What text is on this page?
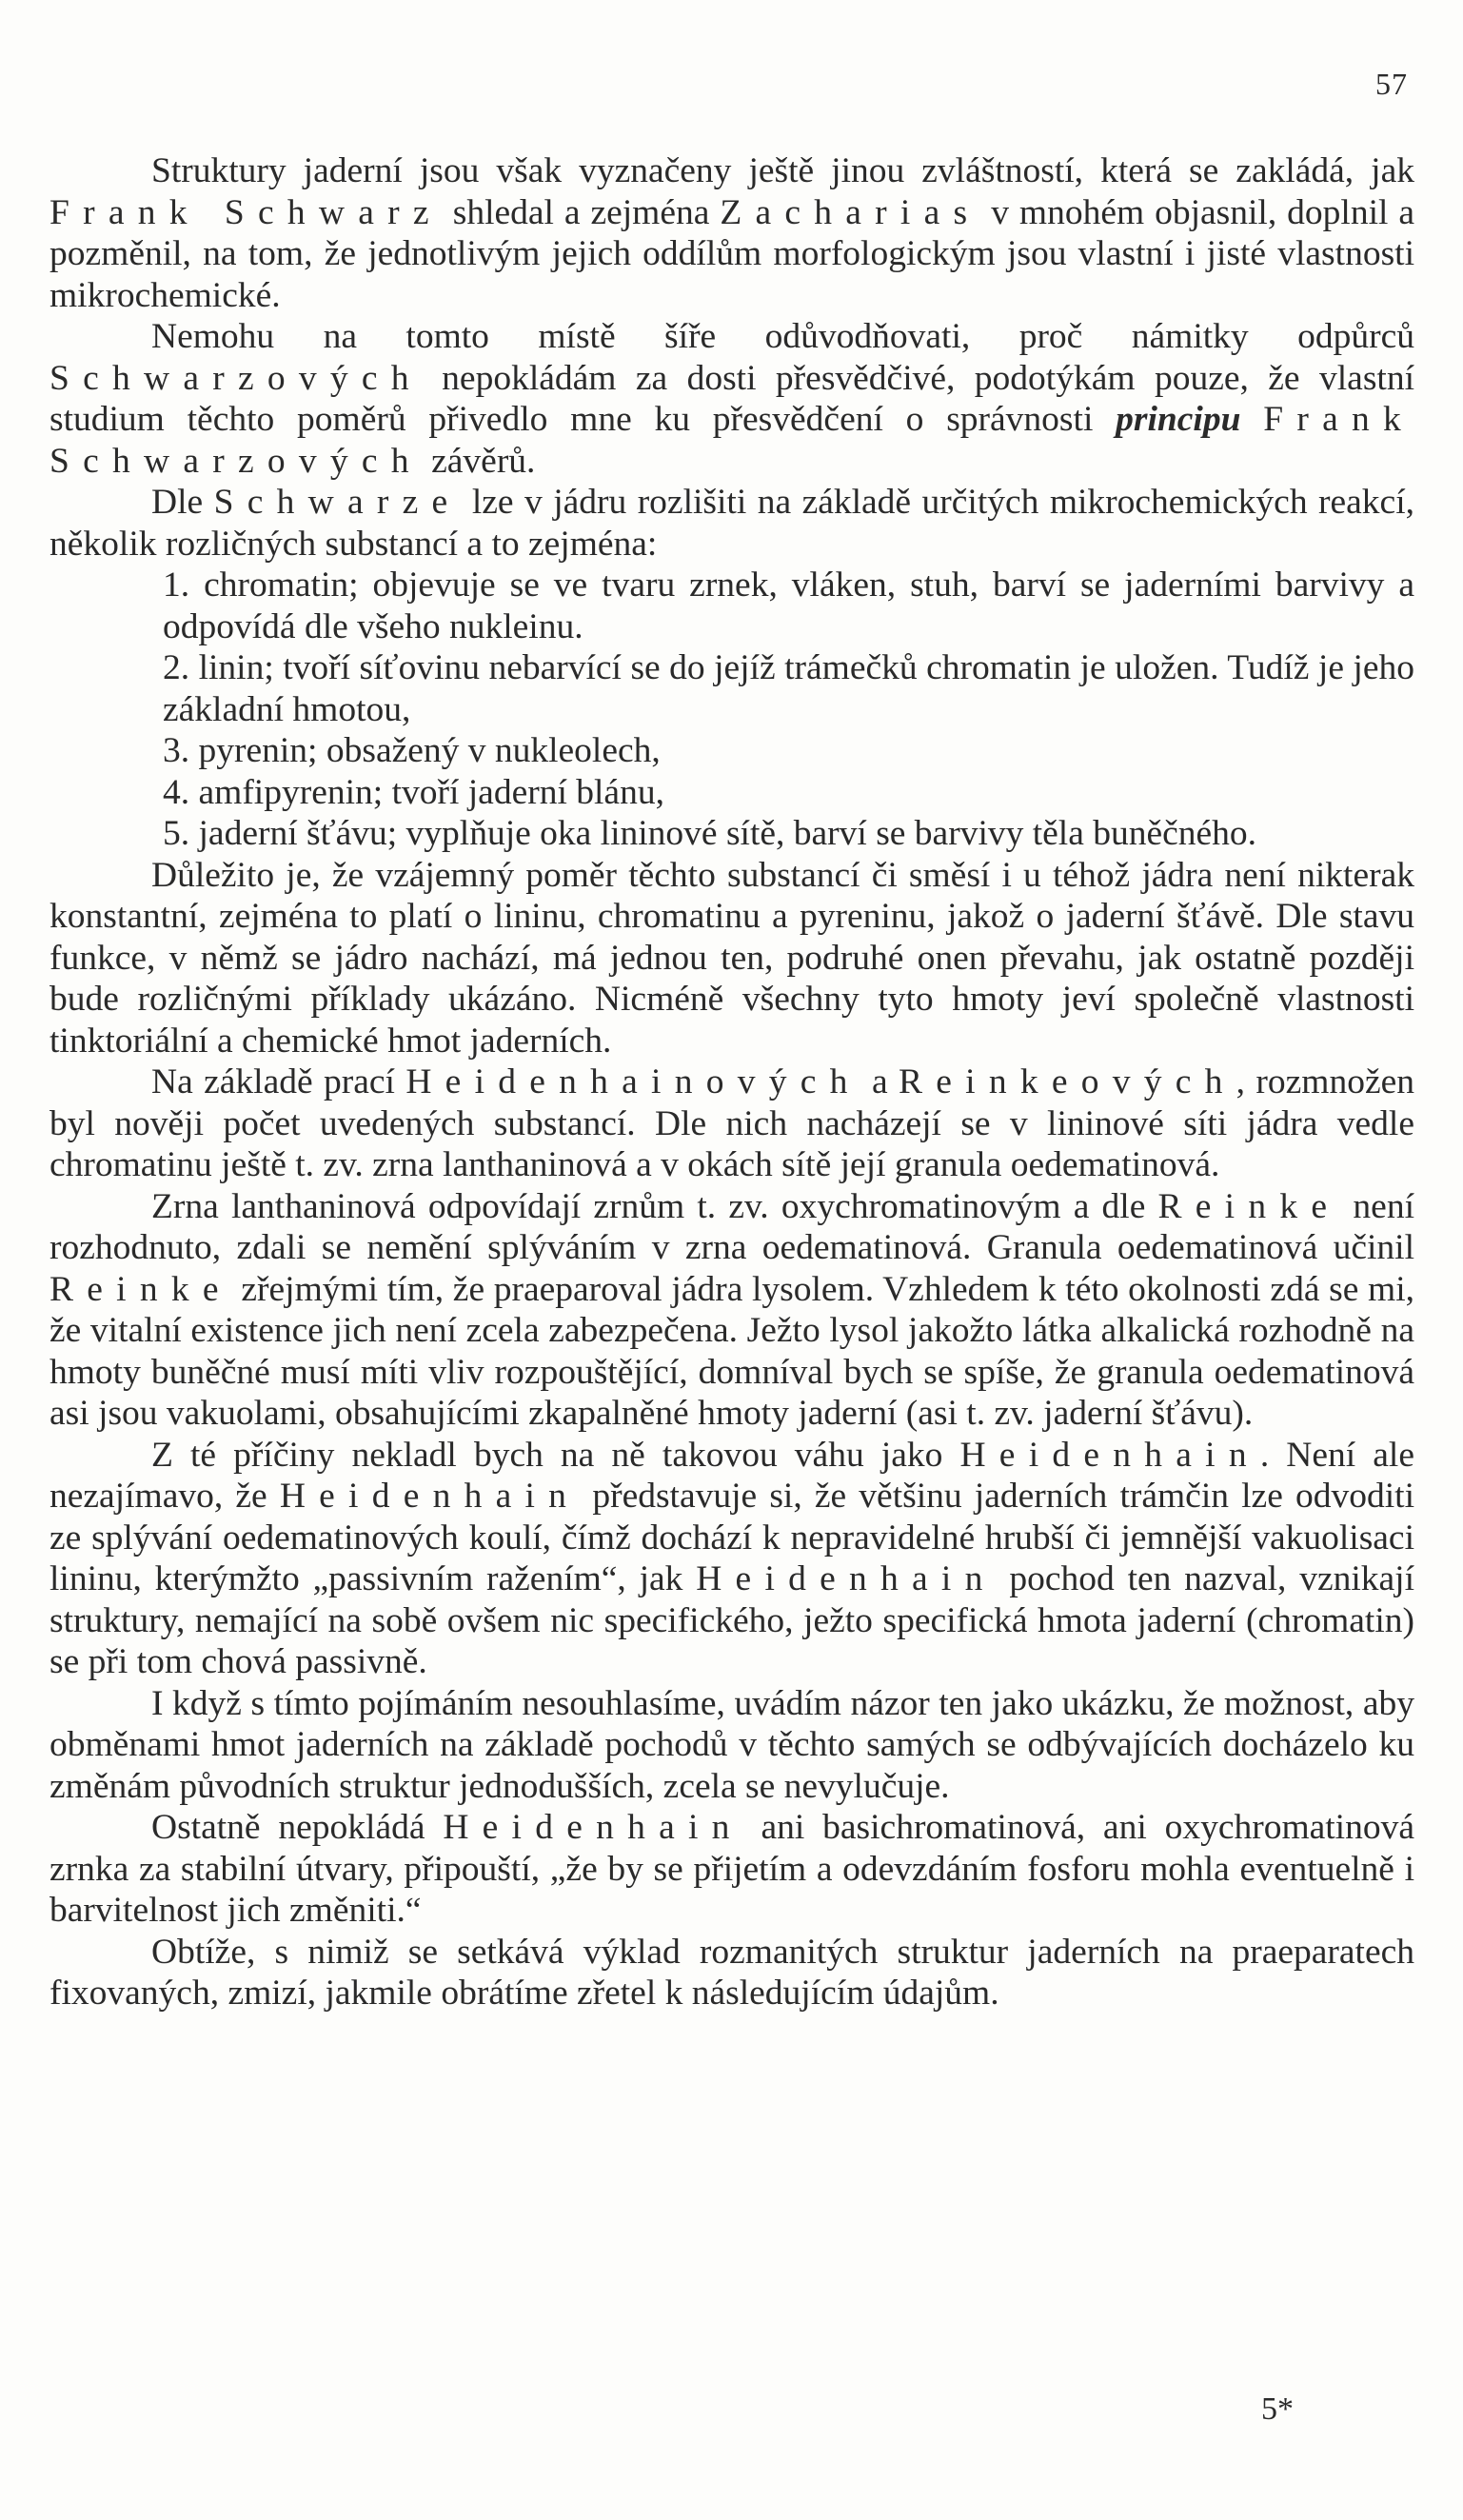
57

Struktury jaderní jsou však vyznačeny ještě jinou zvláštností, která se zakládá, jak Frank Schwarz shledal a zejména Zacharias v mnohém objasnil, doplnil a pozměnil, na tom, že jednotlivým jejich oddílům morfologickým jsou vlastní i jisté vlastnosti mikrochemické.

Nemohu na tomto místě šíře odůvodňovati, proč námitky odpůrců Schwarzových nepokládám za dosti přesvědčivé, podotýkám pouze, že vlastní studium těchto poměrů přivedlo mne ku přesvědčení o správnosti principu Frank Schwarzových závěrů.

Dle Schwarze lze v jádru rozlišiti na základě určitých mikrochemických reakcí, několik rozličných substancí a to zejména:

1. chromatin; objevuje se ve tvaru zrnek, vláken, stuh, barví se jaderními barvivy a odpovídá dle všeho nukleinu.

2. linin; tvoří síťovinu nebarvící se do jejíž trámečků chromatin je uložen. Tudíž je jeho základní hmotou,

3. pyrenin; obsažený v nukleolech,

4. amfipyrenin; tvoří jaderní blánu,

5. jaderní šťávu; vyplňuje oka lininové sítě, barví se barvivy těla buněčného.

Důležito je, že vzájemný poměr těchto substancí či směsí i u téhož jádra není nikterak konstantní, zejména to platí o lininu, chromatinu a pyreninu, jakož o jaderní šťávě. Dle stavu funkce, v němž se jádro nachází, má jednou ten, podruhé onen převahu, jak ostatně později bude rozličnými příklady ukázáno. Nicméně všechny tyto hmoty jeví společně vlastnosti tinktoriální a chemické hmot jaderních.

Na základě prací Heidenhainových a Reinkeových, rozmnožen byl nověji počet uvedených substancí. Dle nich nacházejí se v lininové síti jádra vedle chromatinu ještě t. zv. zrna lanthaninová a v okách sítě její granula oedematinová.

Zrna lanthaninová odpovídají zrnům t. zv. oxychromatinovým a dle Reinke není rozhodnuto, zdali se nemění splýváním v zrna oedematinová. Granula oedematinová učinil Reinke zřejmými tím, že praeparoval jádra lysolem. Vzhledem k této okolnosti zdá se mi, že vitalní existence jich není zcela zabezpečena. Ježto lysol jakožto látka alkalická rozhodně na hmoty buněčné musí míti vliv rozpouštějící, domníval bych se spíše, že granula oedematinová asi jsou vakuolami, obsahujícími zkapalněné hmoty jaderní (asi t. zv. jaderní šťávu).

Z té příčiny nekladl bych na ně takovou váhu jako Heidenhain. Není ale nezajímavo, že Heidenhain představuje si, že většinu jaderních trámčin lze odvoditi ze splývání oedematinových koulí, čímž dochází k nepravidelné hrubší či jemnější vakuolisaci lininu, kterýmžto „passivním ražením“, jak Heidenhain pochod ten nazval, vznikají struktury, nemající na sobě ovšem nic specifického, ježto specifická hmota jaderní (chromatin) se při tom chová passivně.

I když s tímto pojímáním nesouhlasíme, uvádím názor ten jako ukázku, že možnost, aby obměnami hmot jaderních na základě pochodů v těchto samých se odbývajících docházelo ku změnám původních struktur jednodušších, zcela se nevylučuje.

Ostatně nepokládá Heidenhain ani basichromatinová, ani oxychromatinová zrnka za stabilní útvary, připouští, „že by se přijetím a odevzdáním fosforu mohla eventuelně i barvitelnost jich změniti.“

Obtíže, s nimiž se setkává výklad rozmanitých struktur jaderních na praeparatech fixovaných, zmizí, jakmile obrátíme zřetel k následujícím údajům.

5*
